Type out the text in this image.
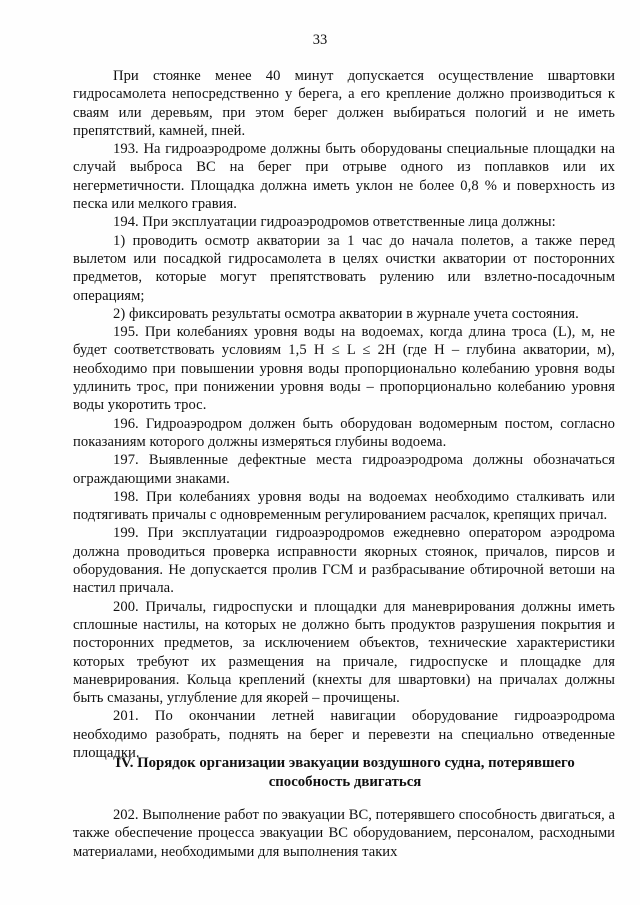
33

При стоянке менее 40 минут допускается осуществление швартовки гидросамолета непосредственно у берега, а его крепление должно производиться к сваям или деревьям, при этом берег должен выбираться пологий и не иметь препятствий, камней, пней.

193. На гидроаэродроме должны быть оборудованы специальные площадки на случай выброса ВС на берег при отрыве одного из поплавков или их негерметичности. Площадка должна иметь уклон не более 0,8 % и поверхность из песка или мелкого гравия.

194. При эксплуатации гидроаэродромов ответственные лица должны:

1) проводить осмотр акватории за 1 час до начала полетов, а также перед вылетом или посадкой гидросамолета в целях очистки акватории от посторонних предметов, которые могут препятствовать рулению или взлетно-посадочным операциям;

2) фиксировать результаты осмотра акватории в журнале учета состояния.

195. При колебаниях уровня воды на водоемах, когда длина троса (L), м, не будет соответствовать условиям 1,5 H ≤ L ≤ 2H (где H – глубина акватории, м), необходимо при повышении уровня воды пропорционально колебанию уровня воды удлинить трос, при понижении уровня воды – пропорционально колебанию уровня воды укоротить трос.

196. Гидроаэродром должен быть оборудован водомерным постом, согласно показаниям которого должны измеряться глубины водоема.

197. Выявленные дефектные места гидроаэродрома должны обозначаться ограждающими знаками.

198. При колебаниях уровня воды на водоемах необходимо сталкивать или подтягивать причалы с одновременным регулированием расчалок, крепящих причал.

199. При эксплуатации гидроаэродромов ежедневно оператором аэродрома должна проводиться проверка исправности якорных стоянок, причалов, пирсов и оборудования. Не допускается пролив ГСМ и разбрасывание обтирочной ветоши на настил причала.

200. Причалы, гидроспуски и площадки для маневрирования должны иметь сплошные настилы, на которых не должно быть продуктов разрушения покрытия и посторонних предметов, за исключением объектов, технические характеристики которых требуют их размещения на причале, гидроспуске и площадке для маневрирования. Кольца креплений (кнехты для швартовки) на причалах должны быть смазаны, углубление для якорей – прочищены.

201. По окончании летней навигации оборудование гидроаэродрома необходимо разобрать, поднять на берег и перевезти на специально отведенные площадки.

IV. Порядок организации эвакуации воздушного судна, потерявшего способность двигаться

202. Выполнение работ по эвакуации ВС, потерявшего способность двигаться, а также обеспечение процесса эвакуации ВС оборудованием, персоналом, расходными материалами, необходимыми для выполнения таких
